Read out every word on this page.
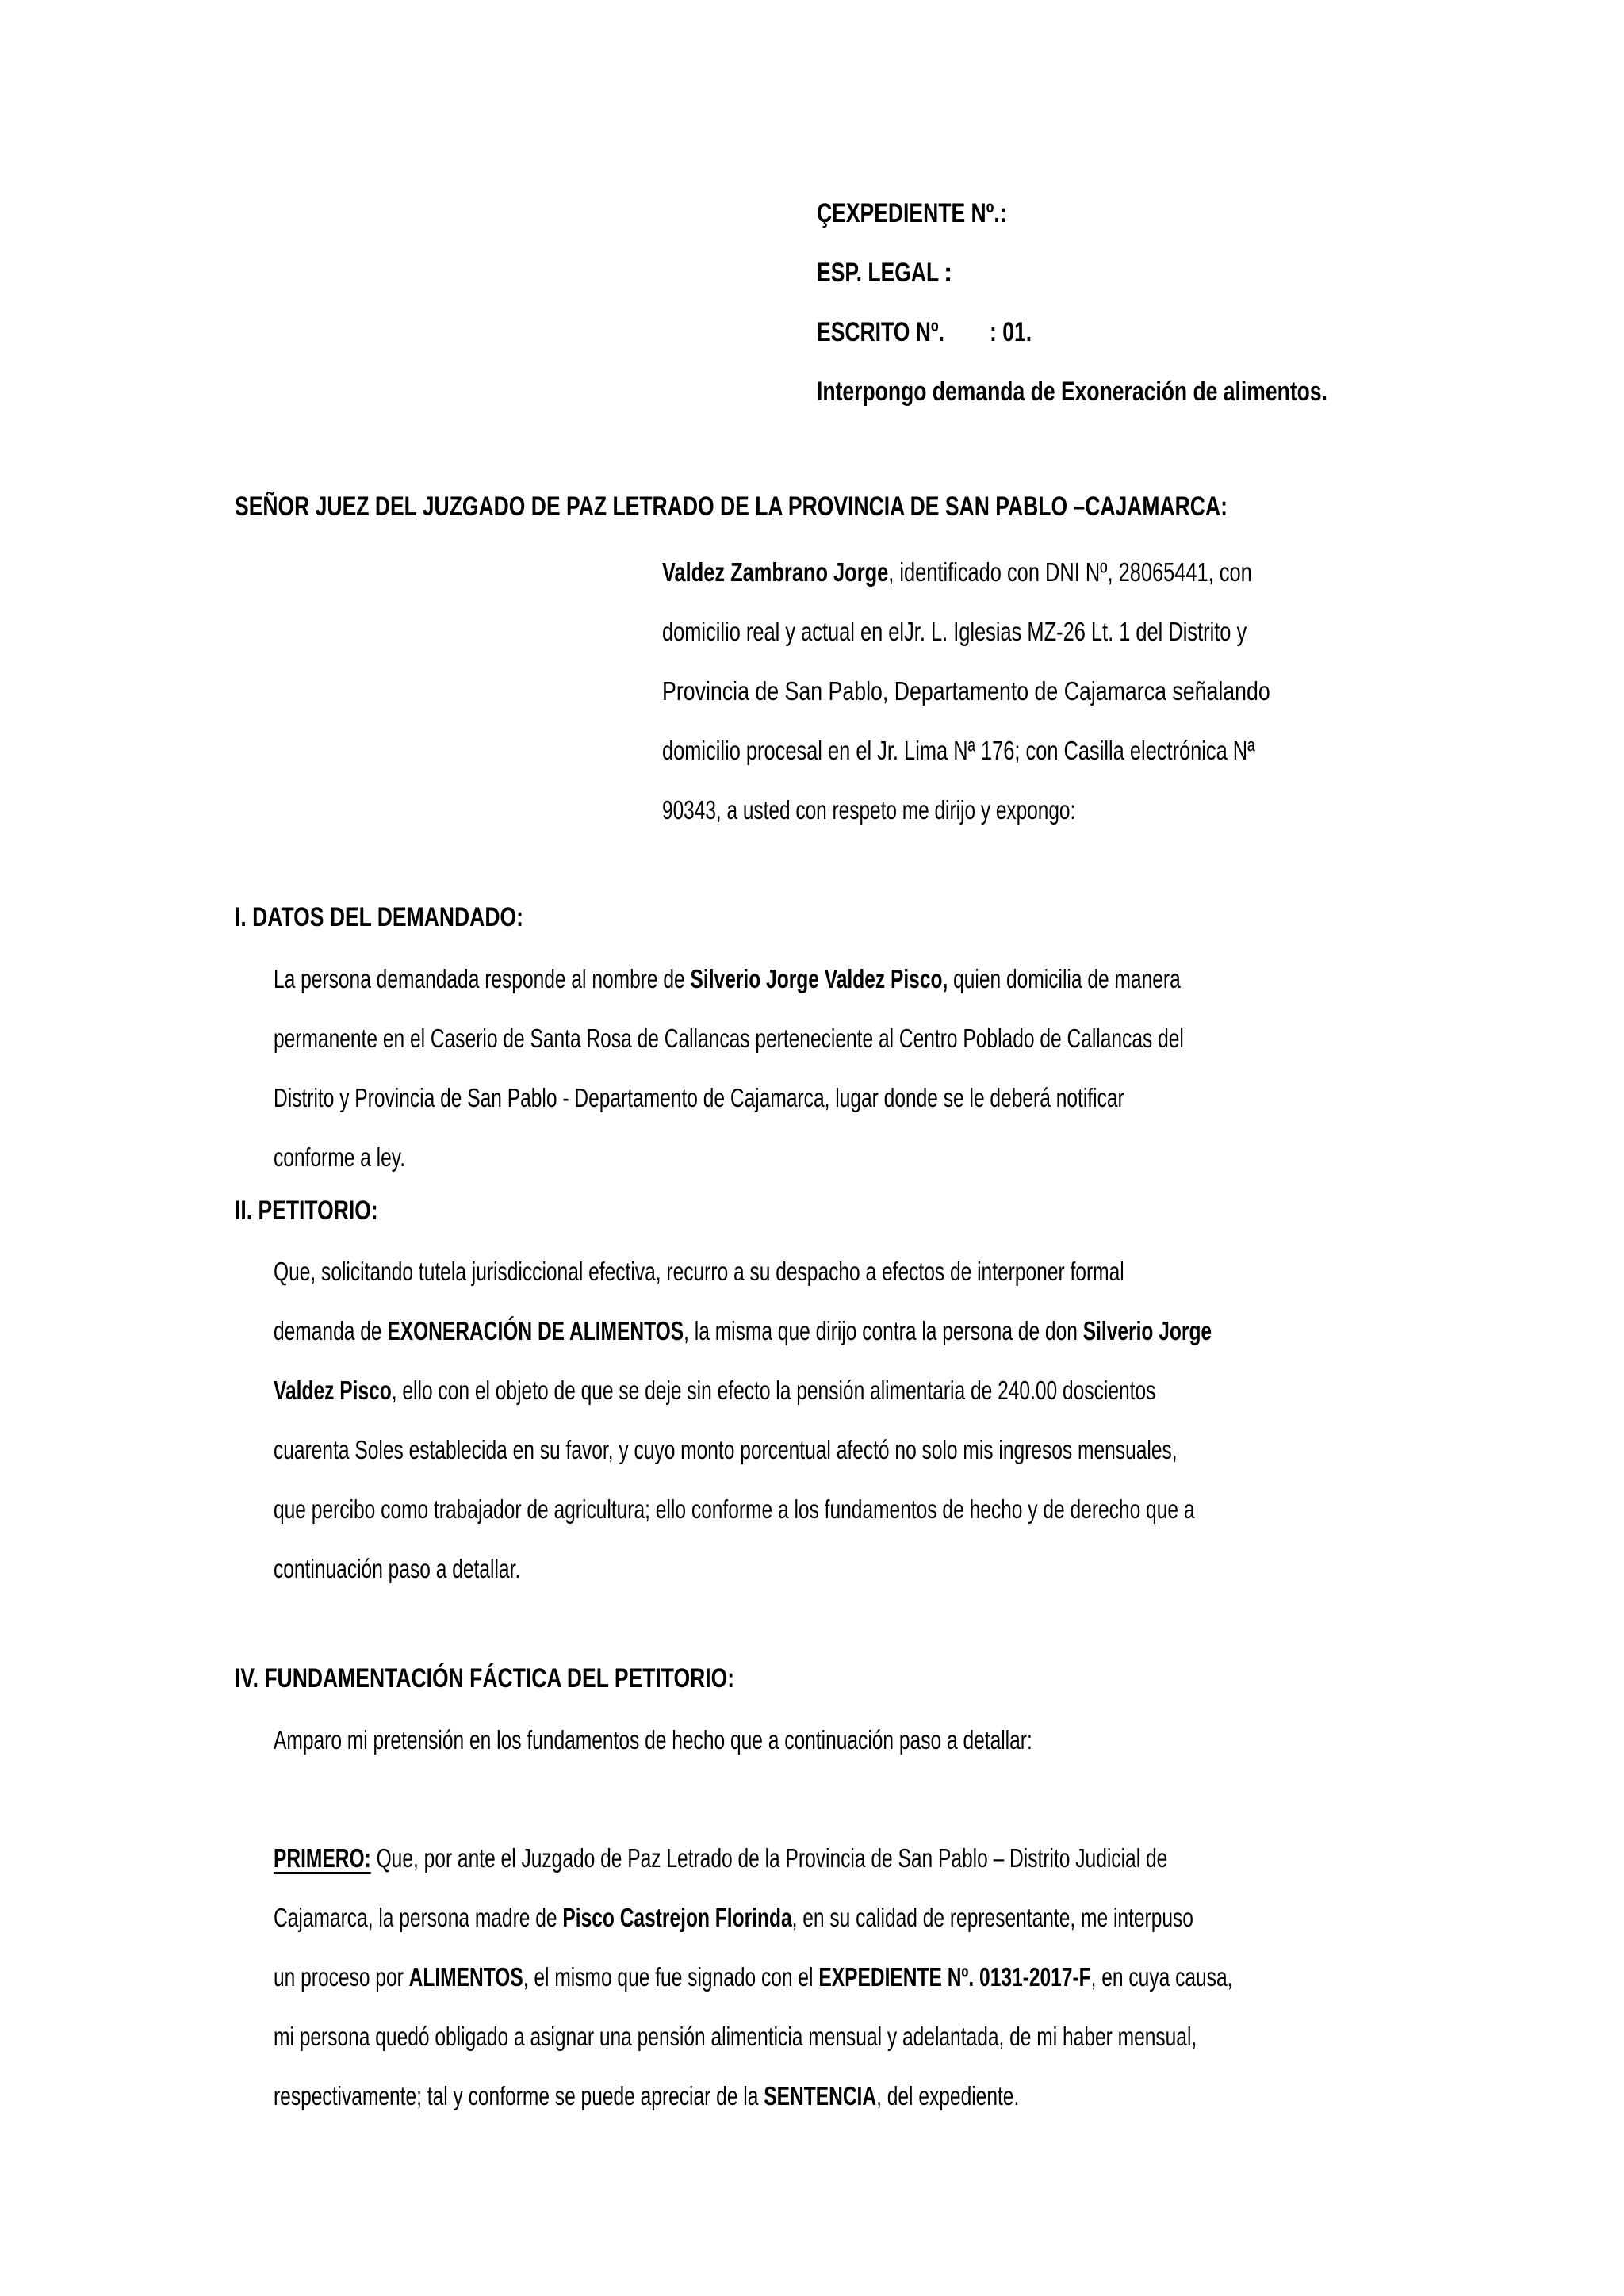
ÇEXPEDIENTE Nº.:
ESP. LEGAL :
ESCRITO Nº. : 01.
Interpongo demanda de Exoneración de alimentos.
SEÑOR JUEZ DEL JUZGADO DE PAZ LETRADO DE LA PROVINCIA DE SAN PABLO –CAJAMARCA:
Valdez Zambrano Jorge, identificado con DNI Nº, 28065441, con
domicilio real y actual en elJr. L. Iglesias MZ-26 Lt. 1 del Distrito y
Provincia de San Pablo, Departamento de Cajamarca señalando
domicilio procesal en el Jr. Lima Nª 176; con Casilla electrónica Nª
90343, a usted con respeto me dirijo y expongo:
I. DATOS DEL DEMANDADO:
La persona demandada responde al nombre de Silverio Jorge Valdez Pisco, quien domicilia de manera
permanente en el Caserio de Santa Rosa de Callancas perteneciente al Centro Poblado de Callancas del
Distrito y Provincia de San Pablo - Departamento de Cajamarca, lugar donde se le deberá notificar
conforme a ley.
II. PETITORIO:
Que, solicitando tutela jurisdiccional efectiva, recurro a su despacho a efectos de interponer formal
demanda de EXONERACIÓN DE ALIMENTOS, la misma que dirijo contra la persona de don Silverio Jorge
Valdez Pisco, ello con el objeto de que se deje sin efecto la pensión alimentaria de 240.00 doscientos
cuarenta Soles establecida en su favor, y cuyo monto porcentual afectó no solo mis ingresos mensuales,
que percibo como trabajador de agricultura; ello conforme a los fundamentos de hecho y de derecho que a
continuación paso a detallar.
IV. FUNDAMENTACIÓN FÁCTICA DEL PETITORIO:
Amparo mi pretensión en los fundamentos de hecho que a continuación paso a detallar:
PRIMERO: Que, por ante el Juzgado de Paz Letrado de la Provincia de San Pablo – Distrito Judicial de
Cajamarca, la persona madre de Pisco Castrejon Florinda, en su calidad de representante, me interpuso
un proceso por ALIMENTOS, el mismo que fue signado con el EXPEDIENTE Nº. 0131-2017-F, en cuya causa,
mi persona quedó obligado a asignar una pensión alimenticia mensual y adelantada, de mi haber mensual,
respectivamente; tal y conforme se puede apreciar de la SENTENCIA, del expediente.
